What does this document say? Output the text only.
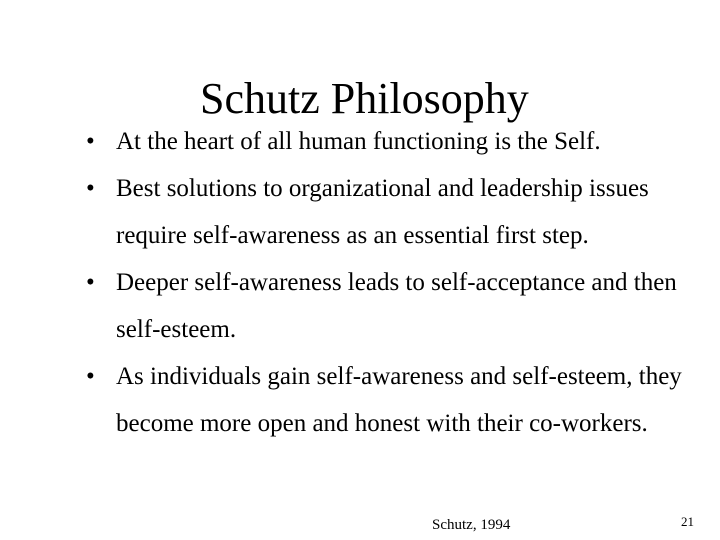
Schutz Philosophy
• At the heart of all human functioning is the Self.
• Best solutions to organizational and leadership issues require self-awareness as an essential first step.
• Deeper self-awareness leads to self-acceptance and then self-esteem.
• As individuals gain self-awareness and self-esteem, they become more open and honest with their co-workers.
Schutz, 1994	21
